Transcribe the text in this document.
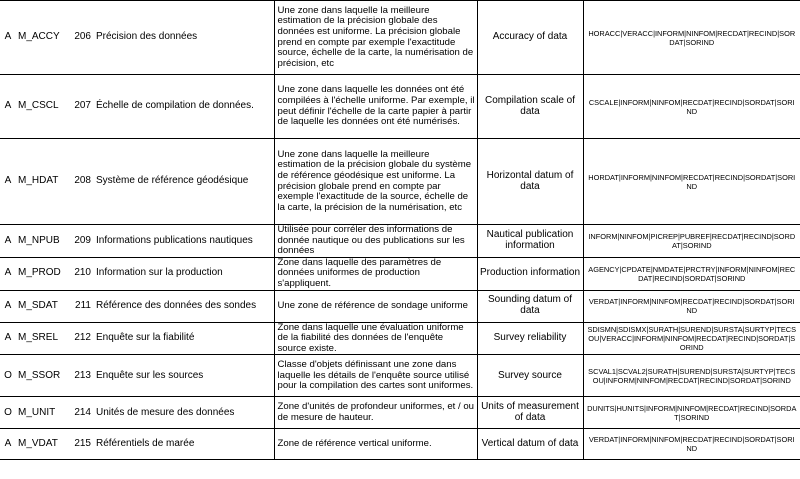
A	M_ACCY	206	Précision des données	Une zone dans laquelle la meilleure estimation de la précision globale des données est uniforme. La précision globale prend en compte par exemple l'exactitude source, échelle de la carte, la numérisation de précision, etc	Accuracy of data	HORACC|VERACC|INFORM|NINFOM|RECDAT|RECIND|SORDAT|SORIND
A	M_CSCL	207	Échelle de compilation de données.	Une zone dans laquelle les données ont été compilées à l'échelle uniforme. Par exemple, il peut définir l'échelle de la carte papier à partir de laquelle les données ont été numérisés.	Compilation scale of data	CSCALE|INFORM|NINFOM|RECDAT|RECIND|SORDAT|SORIND
A	M_HDAT	208	Système de référence géodésique	Une zone dans laquelle la meilleure estimation de la précision globale du système de référence géodésique est uniforme. La précision globale prend en compte par exemple l'exactitude de la source, échelle de la carte, la précision de la numérisation, etc	Horizontal datum of data	HORDAT|INFORM|NINFOM|RECDAT|RECIND|SORDAT|SORIND
A	M_NPUB	209	Informations publications nautiques	Utilisée pour corréler des informations de donnée nautique ou des publications sur les données	Nautical publication information	INFORM|NINFOM|PICREP|PUBREF|RECDAT|RECIND|SORDAT|SORIND
A	M_PROD	210	Information sur la production	Zone dans laquelle des paramètres de données uniformes de production s'appliquent.	Production information	AGENCY|CPDATE|NMDATE|PRCTRY|INFORM|NINFOM|RECDAT|RECIND|SORDAT|SORIND
A	M_SDAT	211	Référence des données des sondes	Une zone de référence de sondage uniforme	Sounding datum of data	VERDAT|INFORM|NINFOM|RECDAT|RECIND|SORDAT|SORIND
A	M_SREL	212	Enquête sur la fiabilité	Zone dans laquelle une évaluation uniforme de la fiabilité des données de l'enquête source existe.	Survey reliability	SDISMN|SDISMX|SURATH|SUREND|SURSTA|SURTYP|TECSOU|VERACC|INFORM|NINFOM|RECDAT|RECIND|SORDAT|SORIND
O	M_SSOR	213	Enquête sur les sources	Classe d'objets définissant une zone dans laquelle les détails de l'enquête source utilisé pour la compilation des cartes sont uniformes.	Survey source	SCVAL1|SCVAL2|SURATH|SUREND|SURSTA|SURTYP|TECSOU|INFORM|NINFOM|RECDAT|RECIND|SORDAT|SORIND
O	M_UNIT	214	Unités de mesure des données	Zone d'unités de profondeur uniformes, et / ou de mesure de hauteur.	Units of measurement of data	DUNITS|HUNITS|INFORM|NINFOM|RECDAT|RECIND|SORDAT|SORIND
A	M_VDAT	215	Référentiels de marée	Zone de référence vertical uniforme.	Vertical datum of data	VERDAT|INFORM|NINFOM|RECDAT|RECIND|SORDAT|SORIND
